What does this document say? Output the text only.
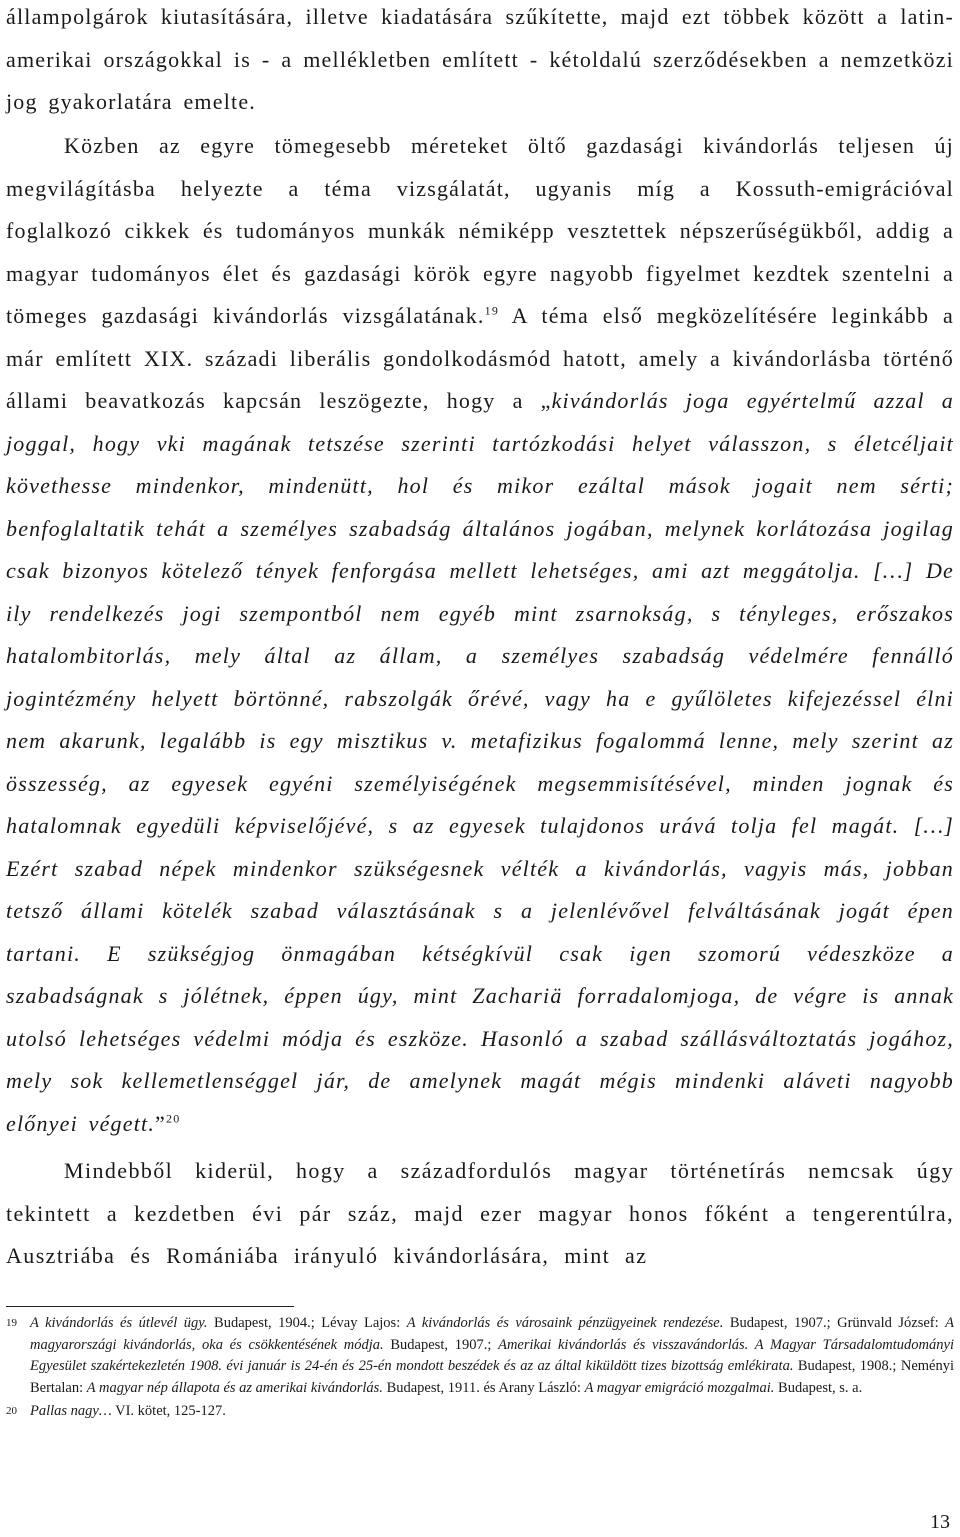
állampolgárok kiutasítására, illetve kiadatására szűkítette, majd ezt többek között a latin-amerikai országokkal is - a mellékletben említett - kétoldalú szerződésekben a nemzetközi jog gyakorlatára emelte.

Közben az egyre tömegesebb méreteket öltő gazdasági kivándorlás teljesen új megvilágításba helyezte a téma vizsgálatát, ugyanis míg a Kossuth-emigrációval foglalkozó cikkek és tudományos munkák némiképp vesztettek népszerűségükből, addig a magyar tudományos élet és gazdasági körök egyre nagyobb figyelmet kezdtek szentelni a tömeges gazdasági kivándorlás vizsgálatának.$^{19}$ A téma első megközelítésére leginkább a már említett XIX. századi liberális gondolkodásmód hatott, amely a kivándorlásba történő állami beavatkozás kapcsán leszögezte, hogy a „kivándorlás joga egyértelmű azzal a joggal, hogy vki magának tetszése szerinti tartózkodási helyet válasszon, s életcéljait követhesse mindenkor, mindenütt, hol és mikor ezáltal mások jogait nem sérti; benfoglaltatik tehát a személyes szabadság általános jogában, melynek korlátozása jogilag csak bizonyos kötelező tények fenforgása mellett lehetséges, ami azt meggátolja. […] De ily rendelkezés jogi szempontból nem egyéb mint zsarnokság, s tényleges, erőszakos hatalombitorlás, mely által az állam, a személyes szabadság védelmére fennálló jogintézmény helyett börtönné, rabszolgák őrévé, vagy ha e gyűlöletes kifejezéssel élni nem akarunk, legalább is egy misztikus v. metafizikus fogalommá lenne, mely szerint az összesség, az egyesek egyéni személyiségének megsemmisítésével, minden jognak és hatalomnak egyedüli képviselőjévé, s az egyesek tulajdonos urává tolja fel magát. […] Ezért szabad népek mindenkor szükségesnek vélték a kivándorlás, vagyis más, jobban tetsző állami kötelék szabad választásának s a jelenlévővel felváltásának jogát épen tartani. E szükségjog önmagában kétségkívül csak igen szomorú védeszköze a szabadságnak s jólétnek, éppen úgy, mint Zachariä forradalomjoga, de végre is annak utolsó lehetséges védelmi módja és eszköze. Hasonló a szabad szállásváltoztatás jogához, mely sok kellemetlenséggel jár, de amelynek magát mégis mindenki aláveti nagyobb előnyei végett.”$^{20}$

Mindebből kiderül, hogy a századfordulós magyar történetírás nemcsak úgy tekintett a kezdetben évi pár száz, majd ezer magyar honos főként a tengerentúlra, Ausztriába és Romániába irányuló kivándorlására, mint az

19 A kivándorlás és útlevél ügy. Budapest, 1904.; Lévay Lajos: A kivándorlás és városaink pénzügyeinek rendezése. Budapest, 1907.; Grünvald József: A magyarországi kivándorlás, oka és csökkentésének módja. Budapest, 1907.; Amerikai kivándorlás és visszavándorlás. A Magyar Társadalomtudományi Egyesület szakértekezletén 1908. évi január is 24-én és 25-én mondott beszédek és az az által kiküldött tizes bizottság emlékirata. Budapest, 1908.; Neményi Bertalan: A magyar nép állapota és az amerikai kivándorlás. Budapest, 1911. és Arany László: A magyar emigráció mozgalmai. Budapest, s. a.

20 Pallas nagy… VI. kötet, 125-127.

13
